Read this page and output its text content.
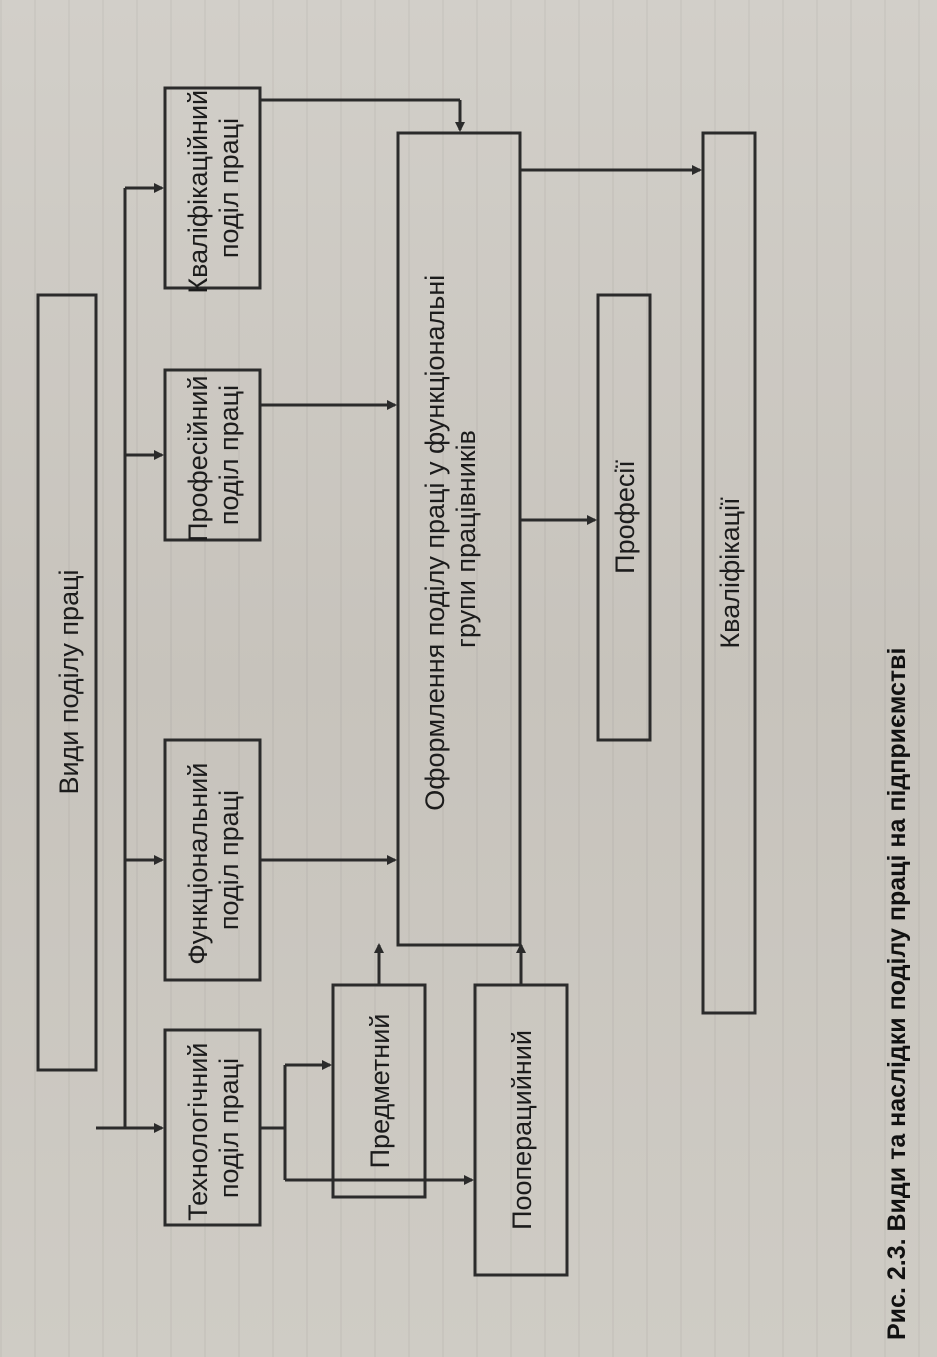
Види поділу праці
Технологічний поділ праці
Функціональний поділ праці
Професійний поділ праці
Кваліфікаційний поділ праці
Предметний	Пооперацийний
Оформлення поділу праці у функціональні групи працівників	Професії	Кваліфікації
Рис. 2.3. Види та наслідки поділу праці на підприємстві
